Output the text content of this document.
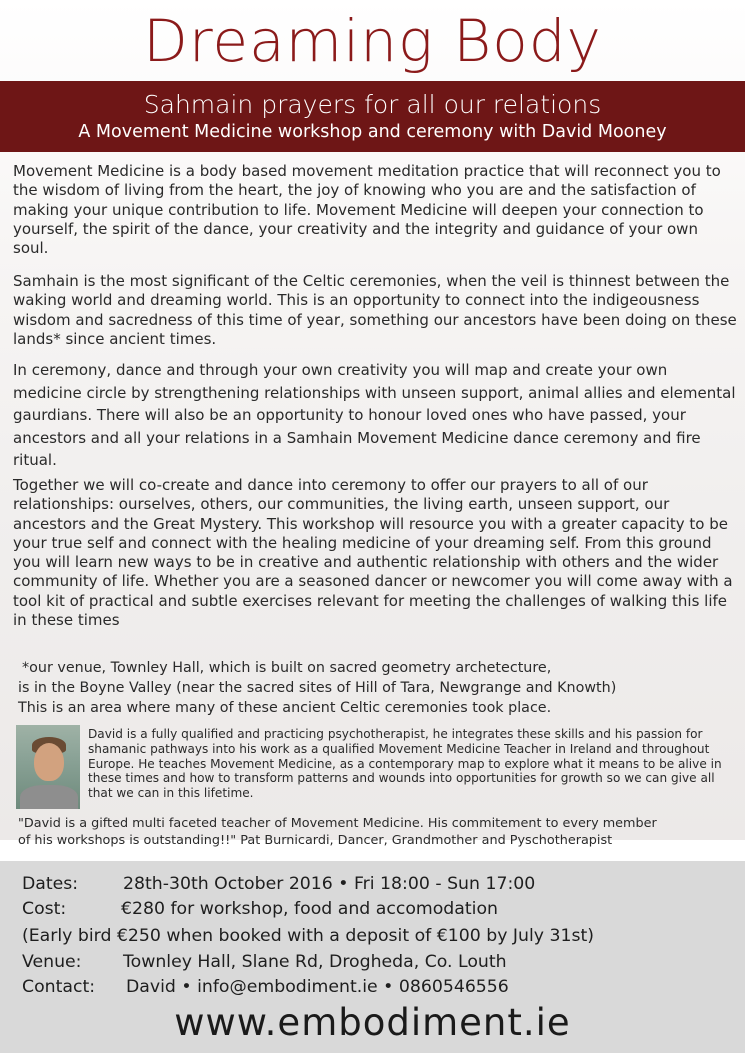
Dreaming Body
Sahmain prayers for all our relations
A Movement Medicine workshop and ceremony with David Mooney

Movement Medicine is a body based movement meditation practice that will reconnect you to the wisdom of living from the heart, the joy of knowing who you are and the satisfaction of making your unique contribution to life. Movement Medicine will deepen your connection to yourself, the spirit of the dance, your creativity and the integrity and guidance of your own soul.

Samhain is the most significant of the Celtic ceremonies, when the veil is thinnest between the waking world and dreaming world. This is an opportunity to connect into the indigeousness wisdom and sacredness of this time of year, something our ancestors have been doing on these lands* since ancient times.

In ceremony, dance and through your own creativity you will map and create your own medicine circle by strengthening relationships with unseen support, animal allies and elemental gaurdians. There will also be an opportunity to honour loved ones who have passed, your ancestors and all your relations in a Samhain Movement Medicine dance ceremony and fire ritual.

Together we will co-create and dance into ceremony to offer our prayers to all of our relationships: ourselves, others, our communities, the living earth, unseen support, our ancestors and the Great Mystery. This workshop will resource you with a greater capacity to be your true self and connect with the healing medicine of your dreaming self. From this ground you will learn new ways to be in creative and authentic relationship with others and the wider community of life. Whether you are a seasoned dancer or newcomer you will come away with a tool kit of practical and subtle exercises relevant for meeting the challenges of walking this life in these times

*our venue, Townley Hall, which is built on sacred geometry archetecture,
is in the Boyne Valley (near the sacred sites of Hill of Tara, Newgrange and Knowth)
This is an area where many of these ancient Celtic ceremonies took place.

David is a fully qualified and practicing psychotherapist, he integrates these skills and his passion for shamanic pathways into his work as a qualified Movement Medicine Teacher in Ireland and throughout Europe. He teaches Movement Medicine, as a contemporary map to explore what it means to be alive in these times and how to transform patterns and wounds into opportunities for growth so we can give all that we can in this lifetime.

"David is a gifted multi faceted teacher of Movement Medicine. His commitement to every member
of his workshops is outstanding!!" Pat Burnicardi, Dancer, Grandmother and Pyschotherapist
Dates:	28th-30th October 2016 • Fri 18:00 - Sun 17:00
Cost:	€280 for workshop, food and accomodation
(Early bird €250 when booked with a deposit of €100 by July 31st)
Venue: Townley Hall, Slane Rd, Drogheda, Co. Louth
Contact: David • info@embodiment.ie • 0860546556
www.embodiment.ie
